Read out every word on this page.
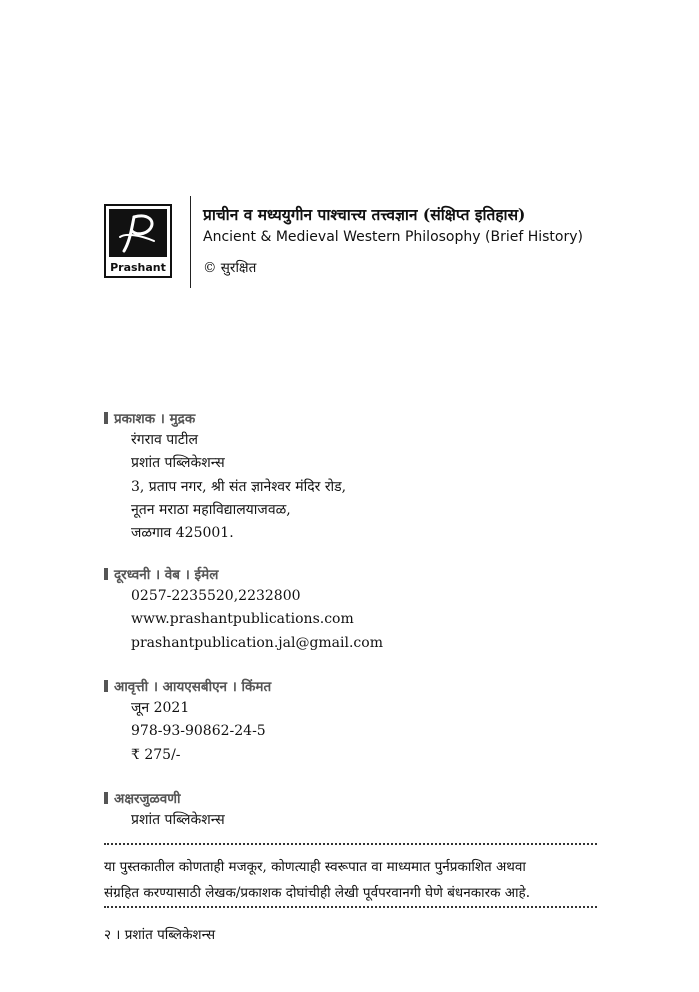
Prashant
प्राचीन व मध्ययुगीन पाश्चात्त्य तत्त्वज्ञान (संक्षिप्त इतिहास)
Ancient & Medieval Western Philosophy (Brief History)
© सुरक्षित
प्रकाशक । मुद्रक
रंगराव पाटील
प्रशांत पब्लिकेशन्स
3, प्रताप नगर, श्री संत ज्ञानेश्वर मंदिर रोड,
नूतन मराठा महाविद्यालयाजवळ,
जळगाव 425001.
दूरध्वनी । वेब । ईमेल
0257-2235520,2232800
www.prashantpublications.com
prashantpublication.jal@gmail.com
आवृत्ती । आयएसबीएन । किंमत
जून 2021
978-93-90862-24-5
₹ 275/-
अक्षरजुळवणी
प्रशांत पब्लिकेशन्स

या पुस्तकातील कोणताही मजकूर, कोणत्याही स्वरूपात वा माध्यमात पुर्नप्रकाशित अथवा

संग्रहित करण्यासाठी लेखक/प्रकाशक दोघांचीही लेखी पूर्वपरवानगी घेणे बंधनकारक आहे.

२ । प्रशांत पब्लिकेशन्स
